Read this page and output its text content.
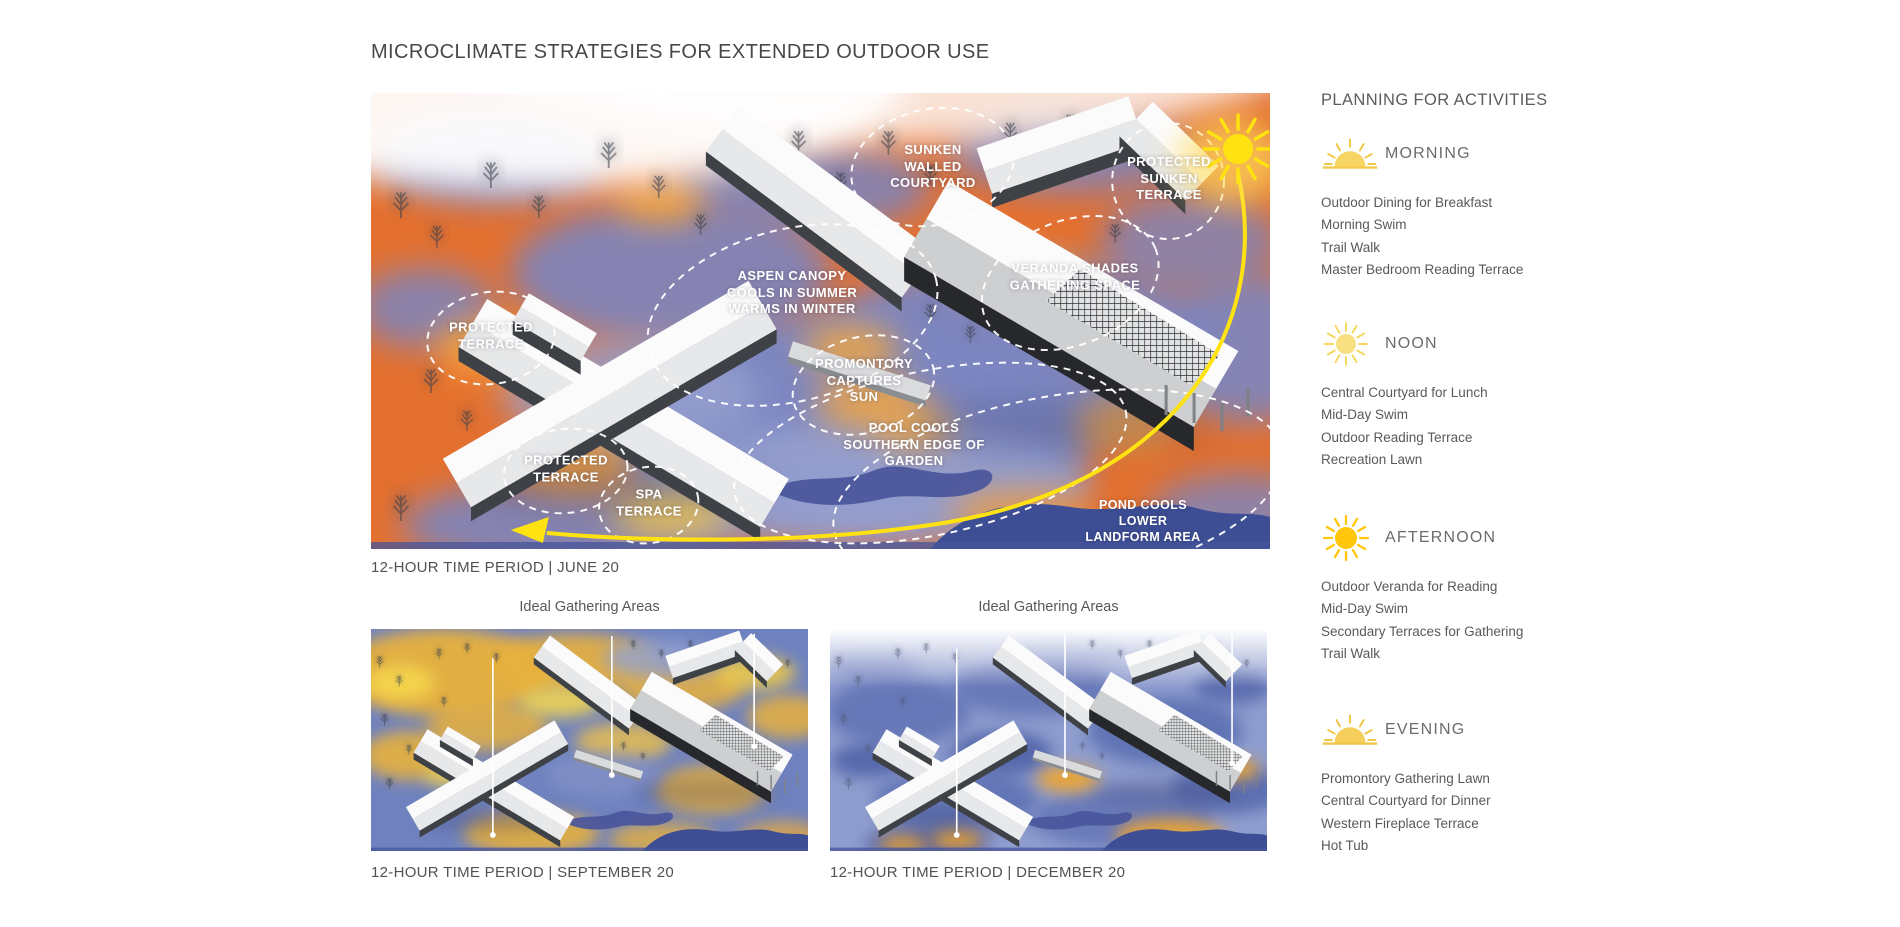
MICROCLIMATE STRATEGIES FOR EXTENDED OUTDOOR USE
SUNKEN
WALLED
COURTYARD
PROTECTED
SUNKEN
TERRACE
VERANDA SHADES
GATHERING SPACE
ASPEN CANOPY
COOLS IN SUMMER
WARMS IN WINTER
PROTECTED
TERRACE
PROMONTORY
CAPTURES
SUN
POOL COOLS
SOUTHERN EDGE OF
GARDEN
PROTECTED
TERRACE
SPA
TERRACE	POND COOLS
LOWER LANDFORM AREA
12-HOUR TIME PERIOD | JUNE 20
Ideal Gathering Areas
12-HOUR TIME PERIOD | SEPTEMBER 20
Ideal Gathering Areas
12-HOUR TIME PERIOD | DECEMBER 20
PLANNING FOR ACTIVITIES
MORNING
Outdoor Dining for Breakfast
Morning Swim
Trail Walk
Master Bedroom Reading Terrace
NOON
Central Courtyard for Lunch
Mid-Day Swim
Outdoor Reading Terrace
Recreation Lawn
AFTERNOON
Outdoor Veranda for Reading
Mid-Day Swim
Secondary Terraces for Gathering
Trail Walk
EVENING
Promontory Gathering Lawn
Central Courtyard for Dinner
Western Fireplace Terrace
Hot Tub
